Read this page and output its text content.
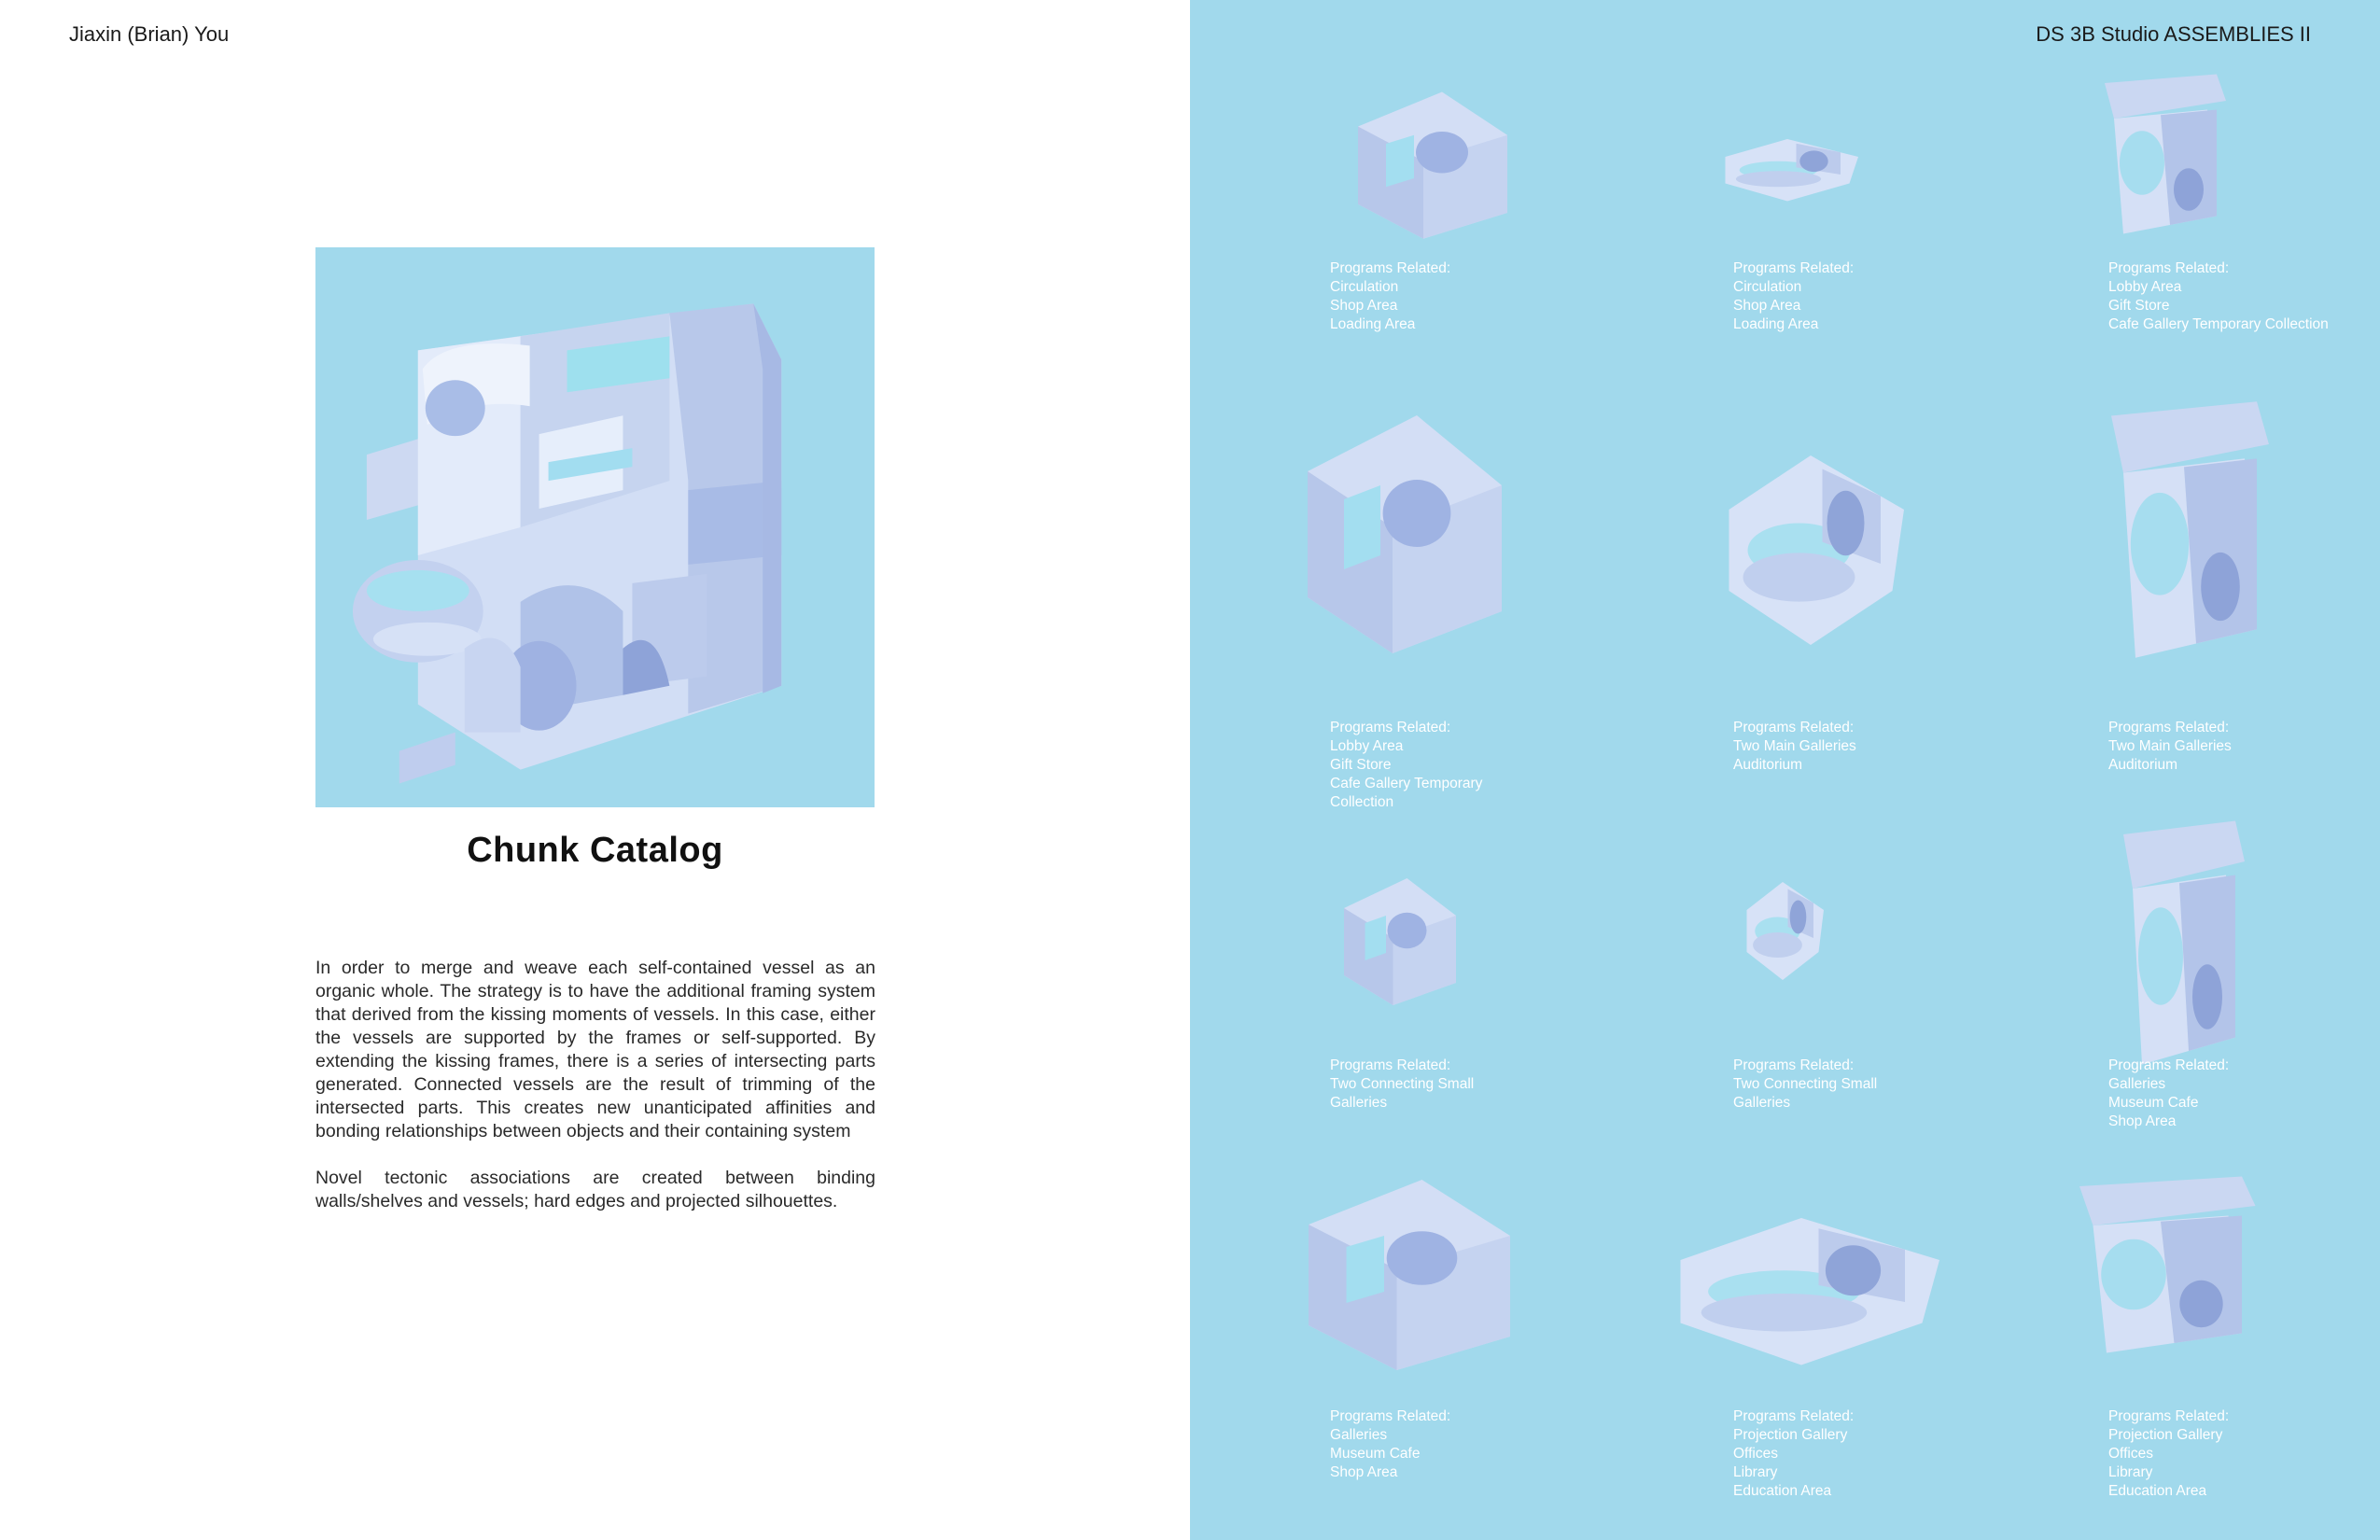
Jiaxin (Brian) You
Chunk Catalog

In order to merge and weave each self-contained vessel as an organic whole. The strategy is to have the additional framing system that derived from the kissing moments of vessels. In this case, either the vessels are supported by the frames or self-supported. By extending the kissing frames, there is a series of intersecting parts generated. Connected vessels are the result of trimming of the intersected parts. This creates new unanticipated affinities and bonding relationships between objects and their containing system

Novel tectonic associations are created between binding walls/shelves and vessels; hard edges and projected silhouettes.

DS 3B Studio ASSEMBLIES II
Programs Related:
Circulation
Shop Area
Loading Area
Programs Related:
Circulation
Shop Area
Loading Area
Programs Related:
Lobby Area
Gift Store
Cafe Gallery Temporary Collection
Programs Related:
Lobby Area
Gift Store
Cafe Gallery Temporary
Collection
Programs Related:
Two Main Galleries
Auditorium
Programs Related:
Two Main Galleries
Auditorium
Programs Related:
Two Connecting Small
Galleries
Programs Related:
Two Connecting Small
Galleries
Programs Related:
Galleries
Museum Cafe
Shop Area
Programs Related:
Galleries
Museum Cafe
Shop Area
Programs Related:
Projection Gallery
Offices
Library
Education Area
Programs Related:
Projection Gallery
Offices
Library
Education Area
